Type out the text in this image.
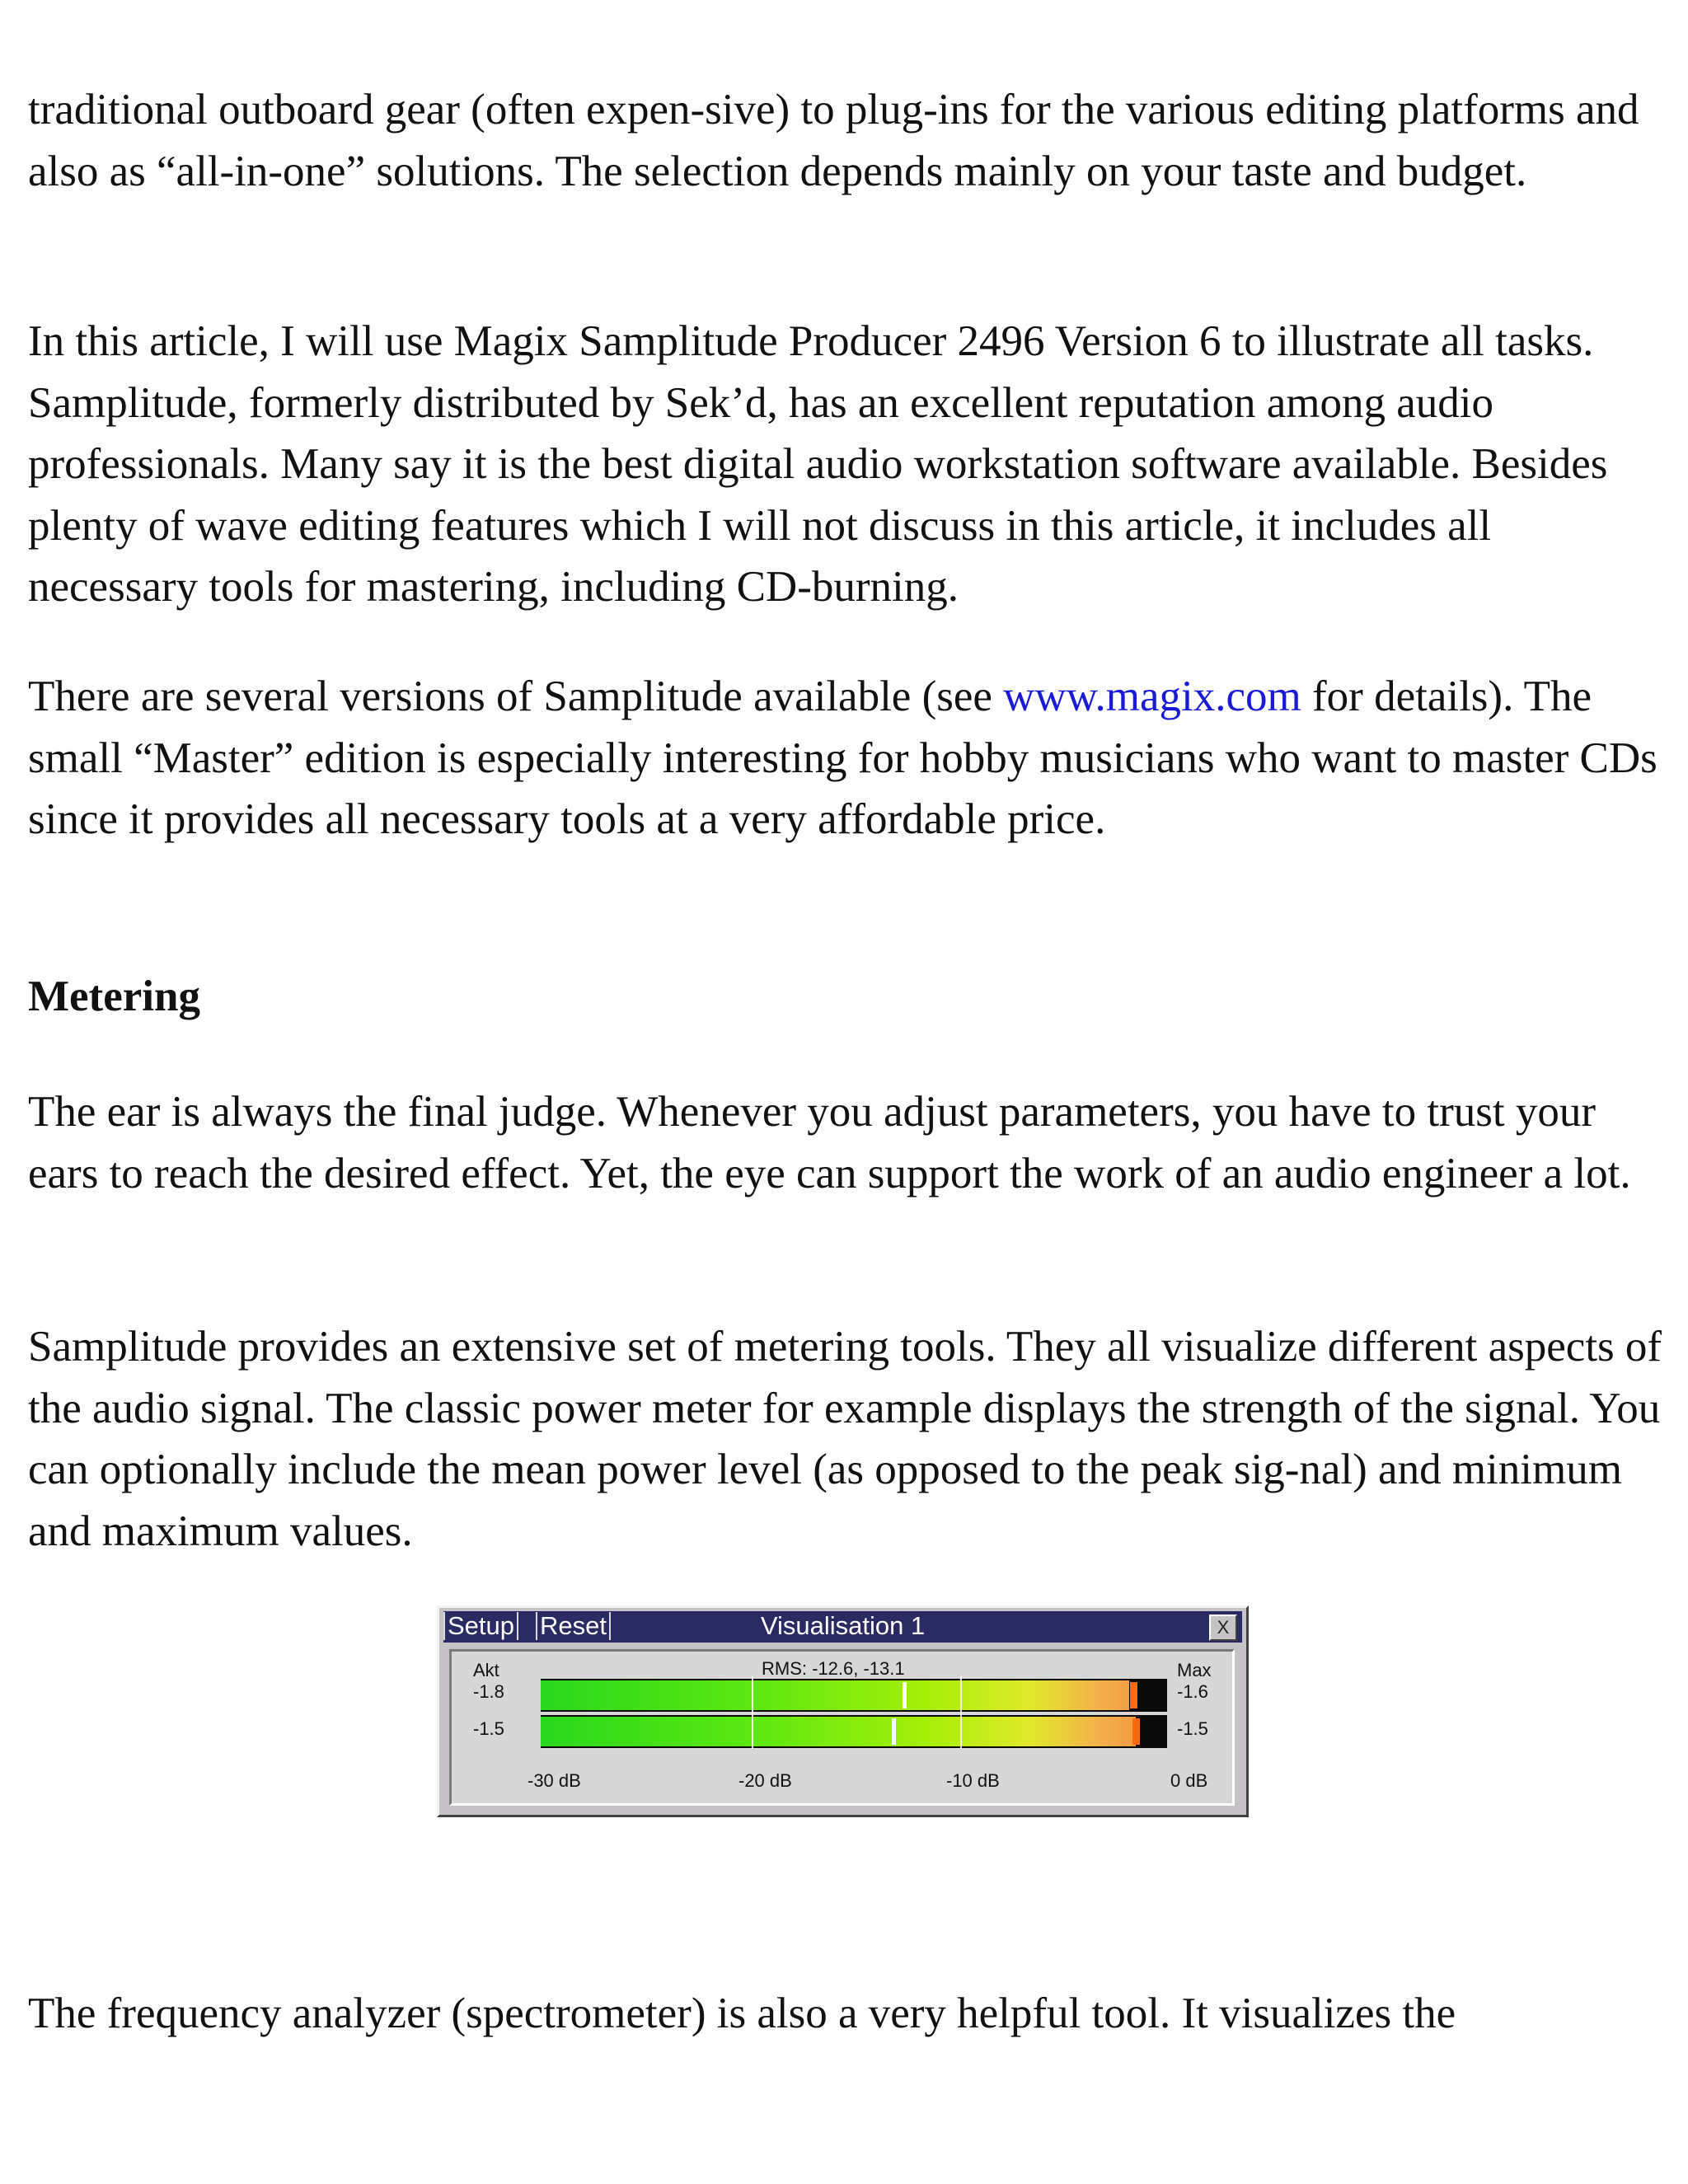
traditional outboard gear (often expen-sive) to plug-ins for the various editing platforms and also as “all-in-one” solutions. The selection depends mainly on your taste and budget.

In this article, I will use Magix Samplitude Producer 2496 Version 6 to illustrate all tasks. Samplitude, formerly distributed by Sek’d, has an excellent reputation among audio professionals. Many say it is the best digital audio workstation software available. Besides plenty of wave editing features which I will not discuss in this article, it includes all necessary tools for mastering, including CD-burning.

There are several versions of Samplitude available (see www.magix.com for details). The small “Master” edition is especially interesting for hobby musicians who want to master CDs since it provides all necessary tools at a very affordable price.

Metering

The ear is always the final judge. Whenever you adjust parameters, you have to trust your ears to reach the desired effect. Yet, the eye can support the work of an audio engineer a lot.

Samplitude provides an extensive set of metering tools. They all visualize different aspects of the audio signal. The classic power meter for example displays the strength of the signal. You can optionally include the mean power level (as opposed to the peak sig-nal) and minimum and maximum values.

Visualisation 1
Setup Reset	X
Akt	RMS: -12.6, -13.1	Max
-1.8
-1.5
-1.6
-1.5
-30 dB	-20 dB	-10 dB	0 dB

The frequency analyzer (spectrometer) is also a very helpful tool. It visualizes the
